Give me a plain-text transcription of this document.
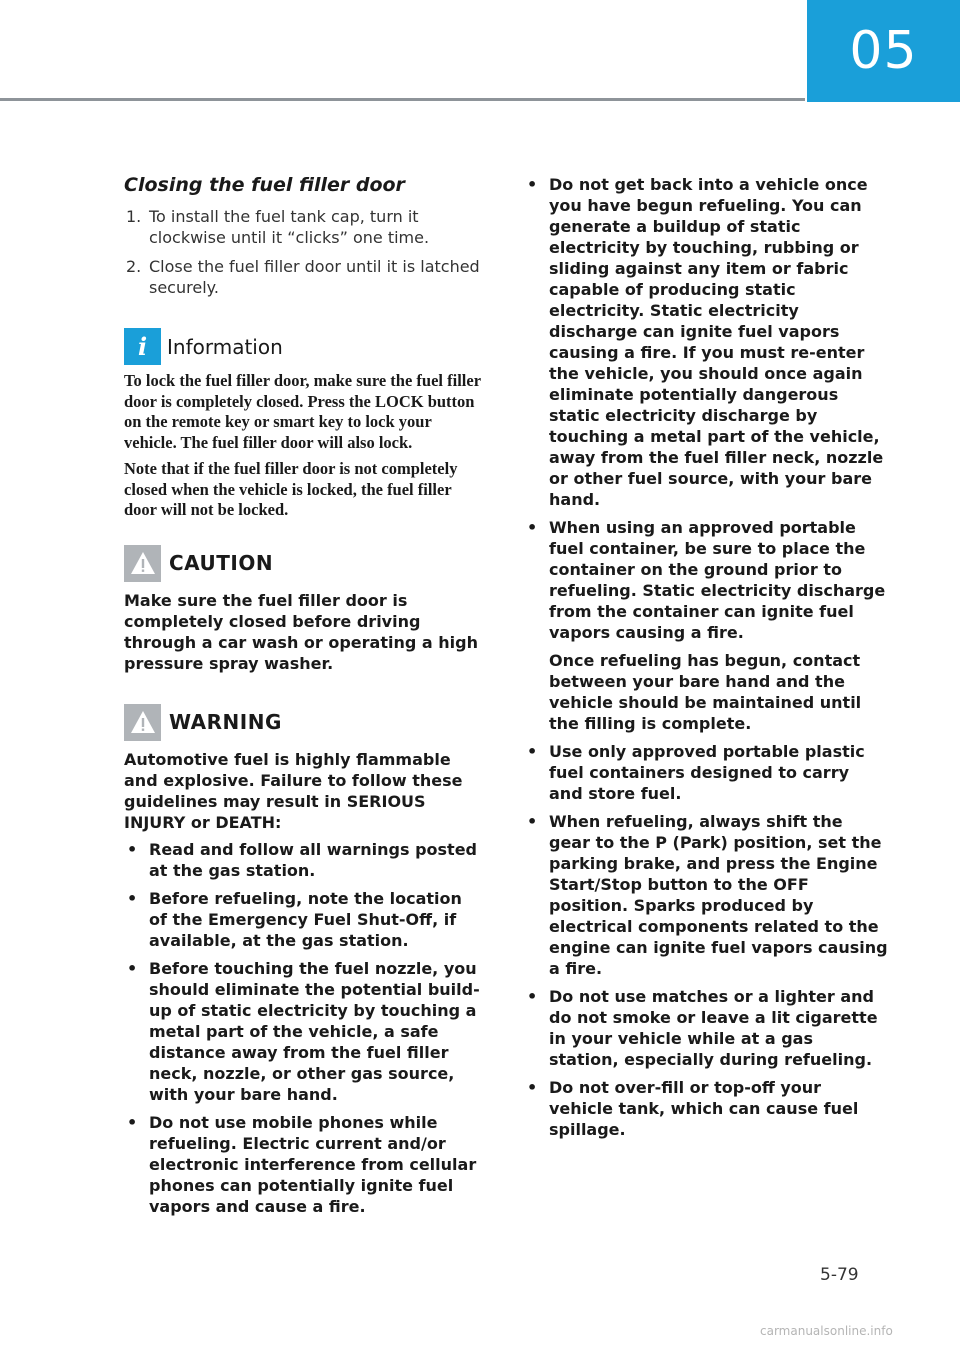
05
Closing the fuel filler door
1. To install the fuel tank cap, turn it clockwise until it “clicks” one time.
2. Close the fuel filler door until it is latched securely.
i Information

To lock the fuel filler door, make sure the fuel filler door is completely closed. Press the LOCK button on the remote key or smart key to lock your vehicle. The fuel filler door will also lock.

Note that if the fuel filler door is not completely closed when the vehicle is locked, the fuel filler door will not be locked.

CAUTION

Make sure the fuel filler door is completely closed before driving through a car wash or operating a high pressure spray washer.

WARNING

Automotive fuel is highly flammable and explosive. Failure to follow these guidelines may result in SERIOUS INJURY or DEATH:

• Read and follow all warnings posted at the gas station.
• Before refueling, note the location of the Emergency Fuel Shut-Off, if available, at the gas station.
• Before touching the fuel nozzle, you should eliminate the potential build-up of static electricity by touching a metal part of the vehicle, a safe distance away from the fuel filler neck, nozzle, or other gas source, with your bare hand.
• Do not use mobile phones while refueling. Electric current and/or electronic interference from cellular phones can potentially ignite fuel vapors and cause a fire.
• Do not get back into a vehicle once you have begun refueling. You can generate a buildup of static electricity by touching, rubbing or sliding against any item or fabric capable of producing static electricity. Static electricity discharge can ignite fuel vapors causing a fire. If you must re-enter the vehicle, you should once again eliminate potentially dangerous static electricity discharge by touching a metal part of the vehicle, away from the fuel filler neck, nozzle or other fuel source, with your bare hand.
• When using an approved portable fuel container, be sure to place the container on the ground prior to refueling. Static electricity discharge from the container can ignite fuel vapors causing a fire.

Once refueling has begun, contact between your bare hand and the vehicle should be maintained until the filling is complete.

• Use only approved portable plastic fuel containers designed to carry and store fuel.
• When refueling, always shift the gear to the P (Park) position, set the parking brake, and press the Engine Start/Stop button to the OFF position. Sparks produced by electrical components related to the engine can ignite fuel vapors causing a fire.
• Do not use matches or a lighter and do not smoke or leave a lit cigarette in your vehicle while at a gas station, especially during refueling.
• Do not over-fill or top-off your vehicle tank, which can cause fuel spillage.
5-79
carmanualsonline.info
